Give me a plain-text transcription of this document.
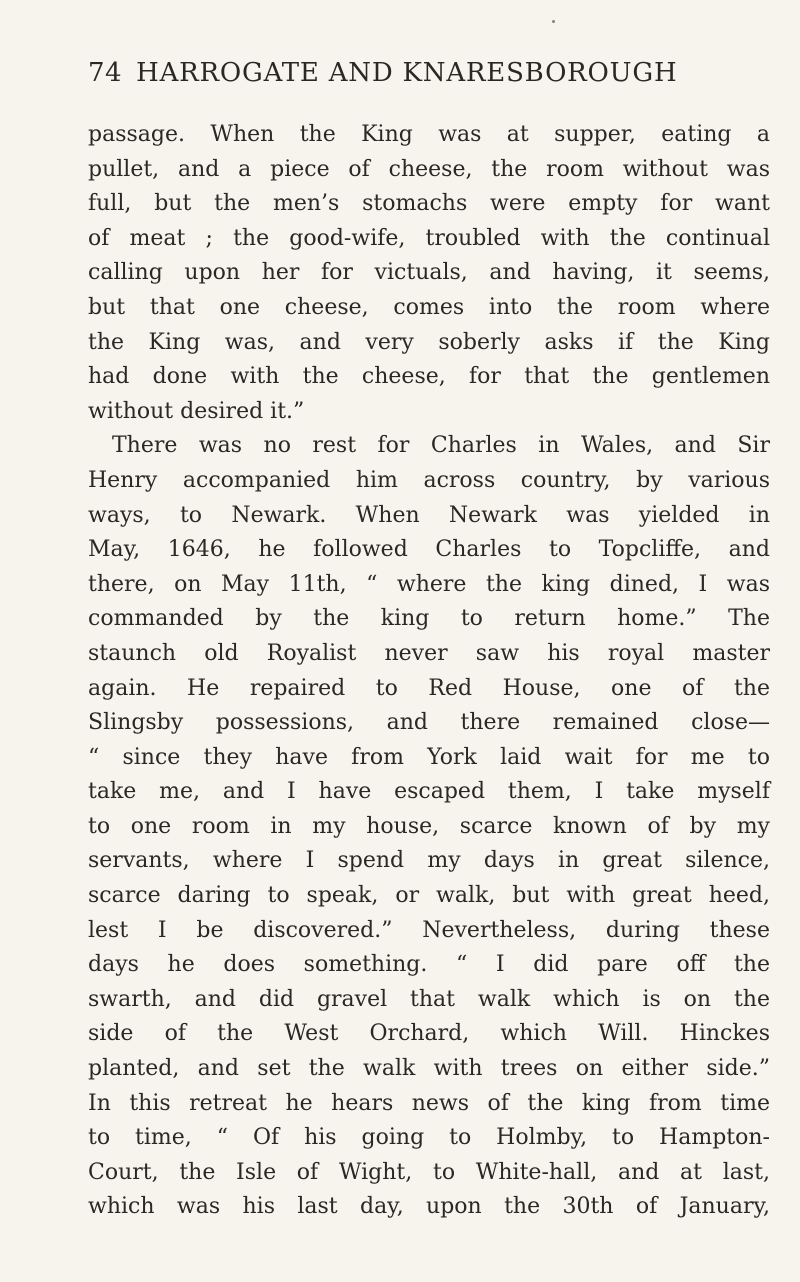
74 HARROGATE AND KNARESBOROUGH
passage. When the King was at supper, eating a
pullet, and a piece of cheese, the room without was
full, but the men’s stomachs were empty for want
of meat ; the good-wife, troubled with the continual
calling upon her for victuals, and having, it seems,
but that one cheese, comes into the room where
the King was, and very soberly asks if the King
had done with the cheese, for that the gentlemen
without desired it.”
There was no rest for Charles in Wales, and Sir
Henry accompanied him across country, by various
ways, to Newark. When Newark was yielded in
May, 1646, he followed Charles to Topcliffe, and
there, on May 11th, “ where the king dined, I was
commanded by the king to return home.” The
staunch old Royalist never saw his royal master
again. He repaired to Red House, one of the
Slingsby possessions, and there remained close—
“ since they have from York laid wait for me to
take me, and I have escaped them, I take myself
to one room in my house, scarce known of by my
servants, where I spend my days in great silence,
scarce daring to speak, or walk, but with great heed,
lest I be discovered.” Nevertheless, during these
days he does something. “ I did pare off the
swarth, and did gravel that walk which is on the
side of the West Orchard, which Will. Hinckes
planted, and set the walk with trees on either side.”
In this retreat he hears news of the king from time
to time, “ Of his going to Holmby, to Hampton-
Court, the Isle of Wight, to White-hall, and at last,
which was his last day, upon the 30th of January,
